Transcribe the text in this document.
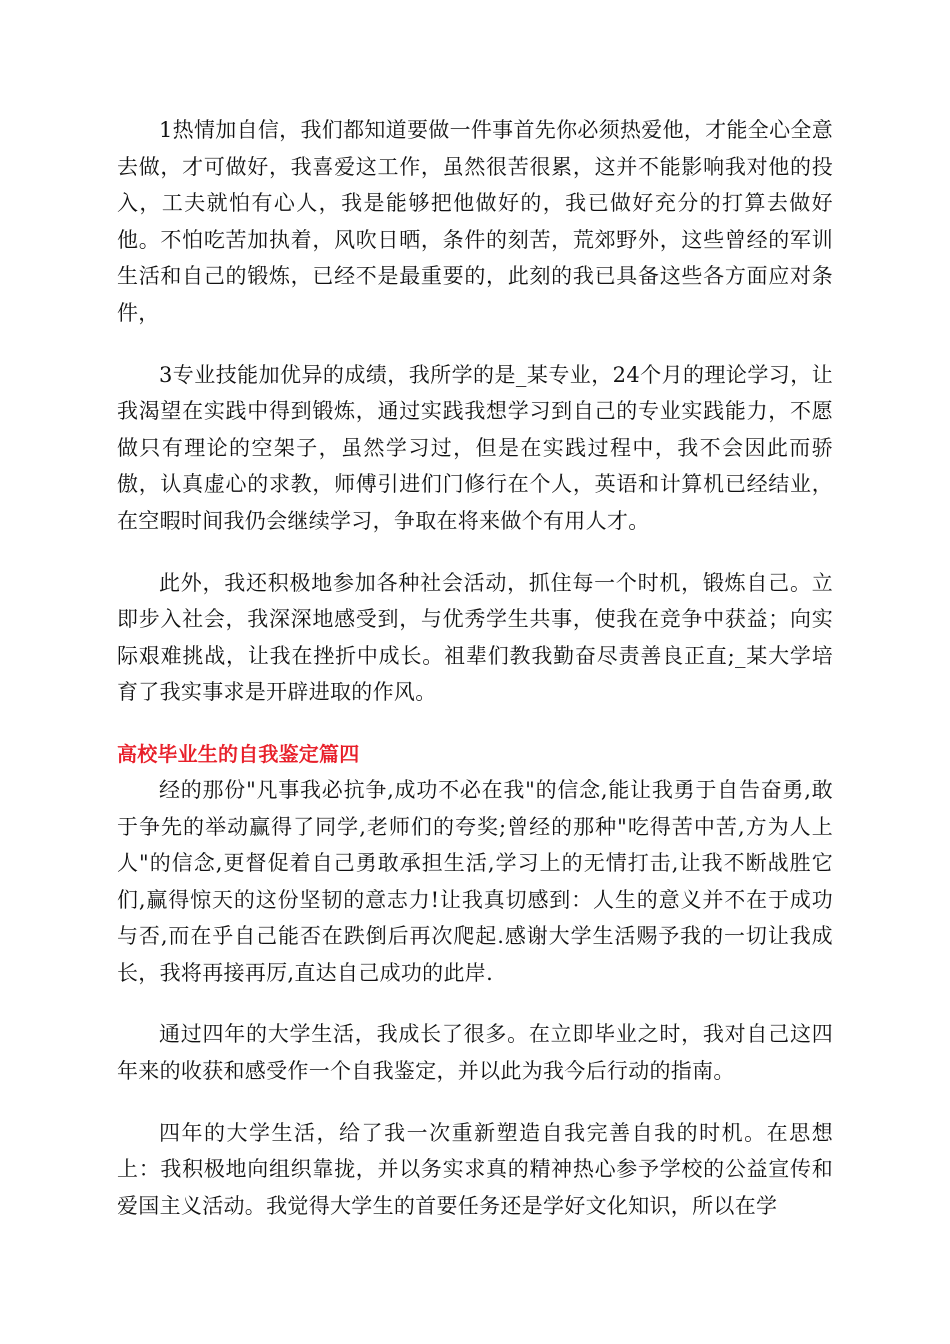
1热情加自信，我们都知道要做一件事首先你必须热爱他，才能全心全意去做，才可做好，我喜爱这工作，虽然很苦很累，这并不能影响我对他的投入，工夫就怕有心人，我是能够把他做好的，我已做好充分的打算去做好他。不怕吃苦加执着，风吹日晒，条件的刻苦，荒郊野外，这些曾经的军训生活和自己的锻炼，已经不是最重要的，此刻的我已具备这些各方面应对条件，

3专业技能加优异的成绩，我所学的是_某专业，24个月的理论学习，让我渴望在实践中得到锻炼，通过实践我想学习到自己的专业实践能力，不愿做只有理论的空架子，虽然学习过，但是在实践过程中，我不会因此而骄傲，认真虚心的求教，师傅引进们门修行在个人，英语和计算机已经结业，在空暇时间我仍会继续学习，争取在将来做个有用人才。

此外，我还积极地参加各种社会活动，抓住每一个时机，锻炼自己。立即步入社会，我深深地感受到，与优秀学生共事，使我在竞争中获益；向实际艰难挑战，让我在挫折中成长。祖辈们教我勤奋尽责善良正直;_某大学培育了我实事求是开辟进取的作风。

高校毕业生的自我鉴定篇四

经的那份"凡事我必抗争,成功不必在我"的信念,能让我勇于自告奋勇,敢于争先的举动赢得了同学,老师们的夸奖;曾经的那种"吃得苦中苦,方为人上人"的信念,更督促着自己勇敢承担生活,学习上的无情打击,让我不断战胜它们,赢得惊天的这份坚韧的意志力!让我真切感到：人生的意义并不在于成功与否,而在乎自己能否在跌倒后再次爬起.感谢大学生活赐予我的一切让我成长，我将再接再厉,直达自己成功的此岸.

通过四年的大学生活，我成长了很多。在立即毕业之时，我对自己这四年来的收获和感受作一个自我鉴定，并以此为我今后行动的指南。

四年的大学生活，给了我一次重新塑造自我完善自我的时机。在思想上：我积极地向组织靠拢，并以务实求真的精神热心参予学校的公益宣传和爱国主义活动。我觉得大学生的首要任务还是学好文化知识，所以在学
